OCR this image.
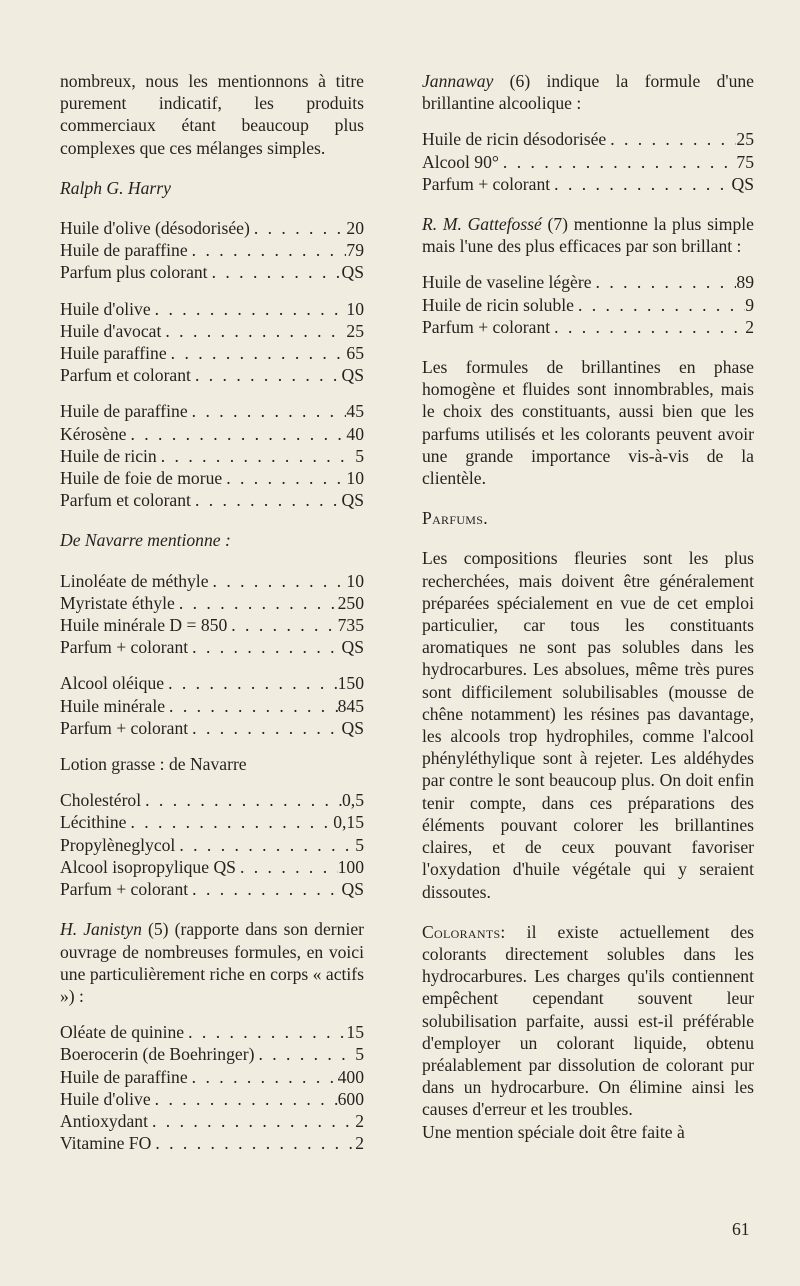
nombreux, nous les mentionnons à titre purement indicatif, les produits commerciaux étant beaucoup plus complexes que ces mélanges simples.

Ralph G. Harry

Huile d'olive (désodorisée) . . .	20
Huile de paraffine . . .	79
Parfum plus colorant . . .	QS
Huile d'olive . . .	10
Huile d'avocat . . .	25
Huile paraffine . . .	65
Parfum et colorant . . .	QS
Huile de paraffine . . .	45
Kérosène . . .	40
Huile de ricin . . .	5
Huile de foie de morue . . .	10
Parfum et colorant . . .	QS

De Navarre mentionne :

Linoléate de méthyle . . .	10
Myristate éthyle . . .	250
Huile minérale D = 850 . . .	735
Parfum + colorant . . .	QS
Alcool oléique . . .	150
Huile minérale . . .	845
Parfum + colorant . . .	QS

Lotion grasse : de Navarre

Cholestérol . . .	0,5
Lécithine . . .	0,15
Propylèneglycol . . .	5
Alcool isopropylique QS . . .	100
Parfum + colorant . . .	QS

H. Janistyn (5) (rapporte dans son dernier ouvrage de nombreuses formules, en voici une particulièrement riche en corps « actifs ») :

Oléate de quinine . . .	15
Boerocerin (de Boehringer) . . .	5
Huile de paraffine . . .	400
Huile d'olive . . .	600
Antioxydant . . .	2
Vitamine FO . . .	2

Jannaway (6) indique la formule d'une brillantine alcoolique :

Huile de ricin désodorisée . . .	25
Alcool 90° . . .	75
Parfum + colorant . . .	QS

R. M. Gattefossé (7) mentionne la plus simple mais l'une des plus efficaces par son brillant :

Huile de vaseline légère . . .	89
Huile de ricin soluble . . .	9
Parfum + colorant . . .	2

Les formules de brillantines en phase homogène et fluides sont innombrables, mais le choix des constituants, aussi bien que les parfums utilisés et les colorants peuvent avoir une grande importance vis-à-vis de la clientèle.

Parfums.

Les compositions fleuries sont les plus recherchées, mais doivent être généralement préparées spécialement en vue de cet emploi particulier, car tous les constituants aromatiques ne sont pas solubles dans les hydrocarbures. Les absolues, même très pures sont difficilement solubilisables (mousse de chêne notamment) les résines pas davantage, les alcools trop hydrophiles, comme l'alcool phényléthylique sont à rejeter. Les aldéhydes par contre le sont beaucoup plus. On doit enfin tenir compte, dans ces préparations des éléments pouvant colorer les brillantines claires, et de ceux pouvant favoriser l'oxydation d'huile végétale qui y seraient dissoutes.

Colorants: il existe actuellement des colorants directement solubles dans les hydrocarbures. Les charges qu'ils contiennent empêchent cependant souvent leur solubilisation parfaite, aussi est-il préférable d'employer un colorant liquide, obtenu préalablement par dissolution de colorant pur dans un hydrocarbure. On élimine ainsi les causes d'erreur et les troubles.

Une mention spéciale doit être faite à

61
